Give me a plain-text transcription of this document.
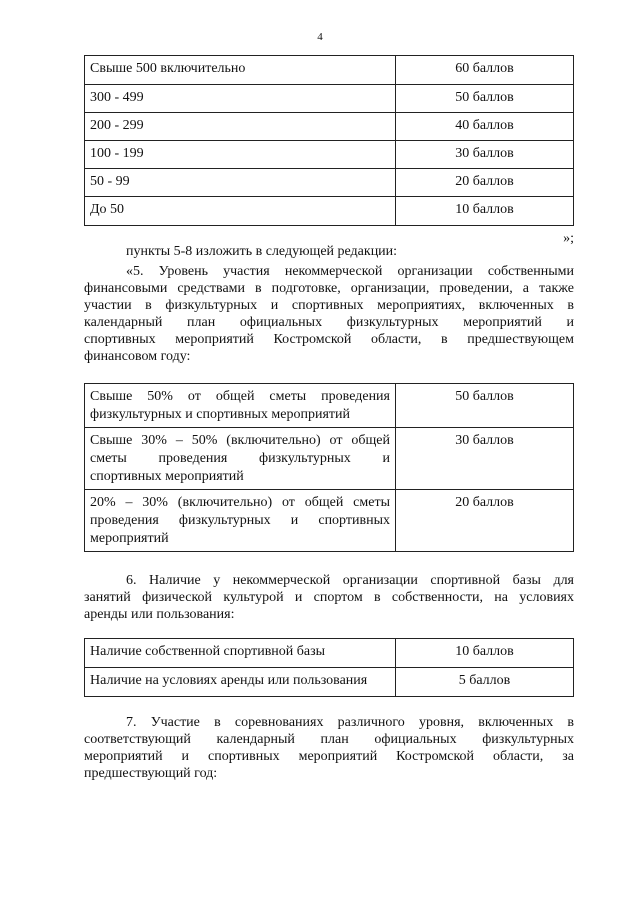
4
Свыше 500 включительно	60 баллов
300 - 499	50 баллов
200 - 299	40 баллов
100 - 199	30 баллов
50 - 99	20 баллов
До 50	10 баллов
»;
пункты 5-8 изложить в следующей редакции:
«5. Уровень участия некоммерческой организации собственными
финансовыми средствами в подготовке, организации, проведении, а также
участии в физкультурных и спортивных мероприятиях, включенных в
календарный план официальных физкультурных мероприятий и
спортивных мероприятий Костромской области, в предшествующем
финансовом году:
Свыше 50% от общей сметы проведения
физкультурных и спортивных мероприятий	50 баллов

Свыше 30% – 50% (включительно) от общей
сметы проведения физкультурных и
спортивных мероприятий	30 баллов

20% – 30% (включительно) от общей сметы
проведения физкультурных и спортивных
мероприятий	20 баллов
6. Наличие у некоммерческой организации спортивной базы для
занятий физической культурой и спортом в собственности, на условиях
аренды или пользования:
Наличие собственной спортивной базы	10 баллов
Наличие на условиях аренды или пользования	5 баллов
7. Участие в соревнованиях различного уровня, включенных в
соответствующий календарный план официальных физкультурных
мероприятий и спортивных мероприятий Костромской области, за
предшествующий год:
